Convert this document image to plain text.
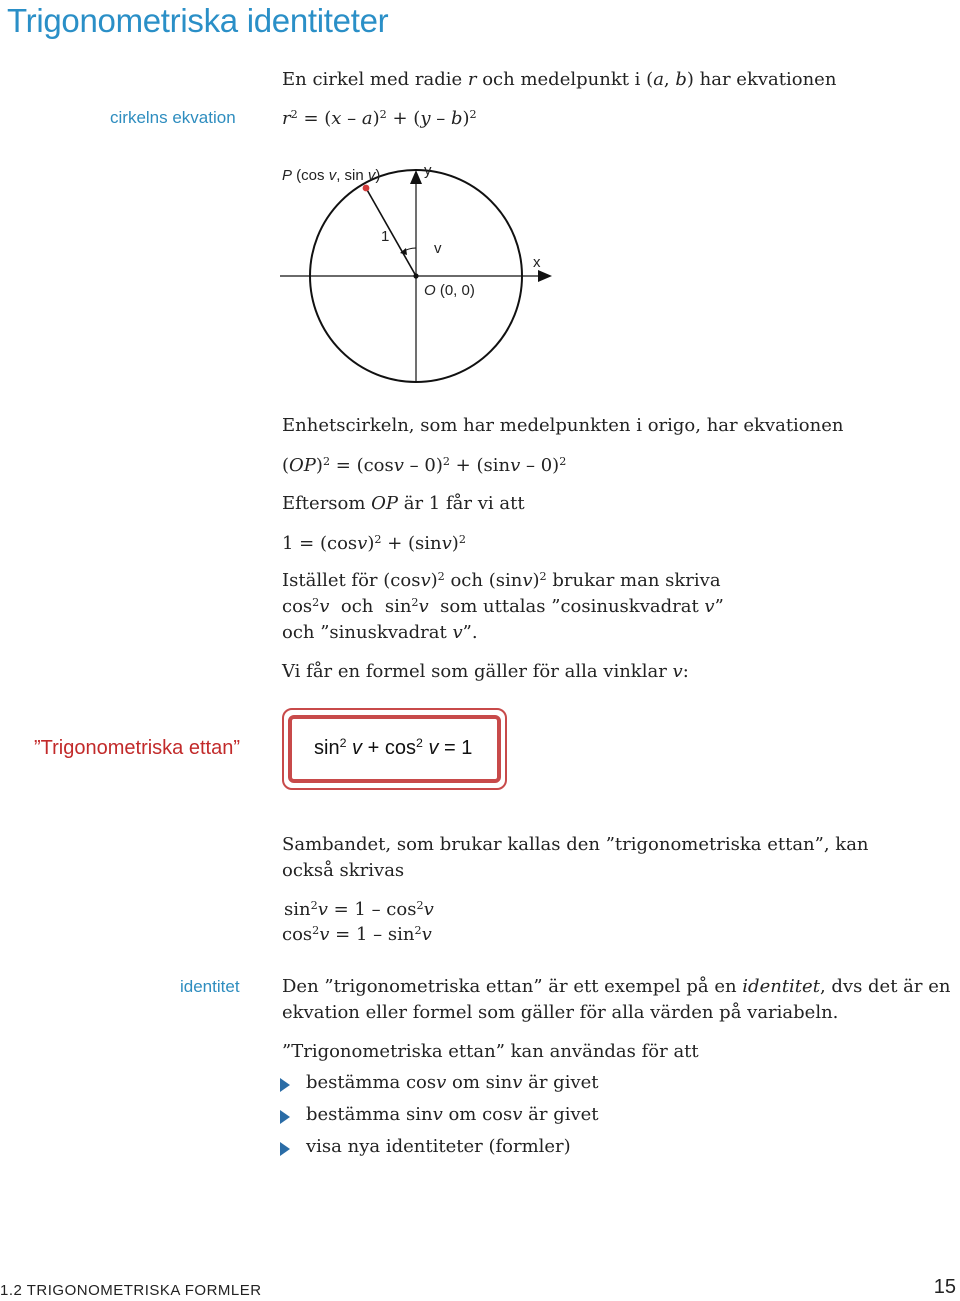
Trigonometriska identiteter
En cirkel med radie r och medelpunkt i (a, b) har ekvationen
cirkelns ekvation	$r^2 = (x - a)^2 + (y - b)^2$
P (cos v, sin v)	y
x
1
v
O (0, 0)
Enhetscirkeln, som har medelpunkten i origo, har ekvationen
(OP)$^2$ = (cosv – 0)$^2$ + (sinv – 0)$^2$
Eftersom OP är 1 får vi att
$1 = (\cos v)^2 + (\sin v)^2$
Istället för $(\cos v)^2$ och $(\sin v)^2$ brukar man skriva
$\cos^2v$  och  $\sin^2v$  som uttalas ”cosinuskvadrat v”
och ”sinuskvadrat v”.
Vi får en formel som gäller för alla vinklar v:
”Trigonometriska ettan”	$\sin^2 v + \cos^2 v = 1$
Sambandet, som brukar kallas den ”trigonometriska ettan”, kan
också skrivas
$\sin^2v = 1 - \cos^2v$
$\cos^2v = 1 - \sin^2v$
identitet Den ”trigonometriska ettan” är ett exempel på en identitet, dvs det är en
ekvation eller formel som gäller för alla värden på variabeln.
”Trigonometriska ettan” kan användas för att
bestämma cosv om sinv är givet
bestämma sinv om cosv är givet
visa nya identiteter (formler)
1.2 TRIGONOMETRISKA FORMLER	15
